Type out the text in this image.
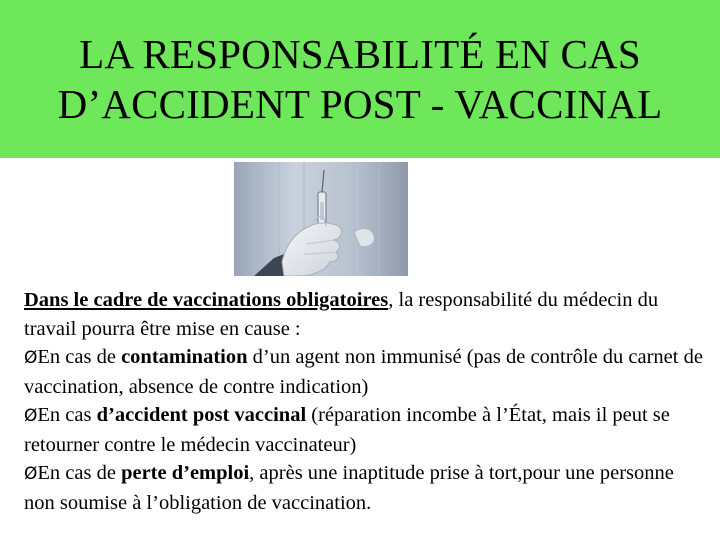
LA RESPONSABILITÉ EN CAS
D’ACCIDENT POST - VACCINAL

Dans le cadre de vaccinations obligatoires, la responsabilité du médecin du travail pourra être mise en cause :

ØEn cas de contamination d’un agent non immunisé (pas de contrôle du carnet de vaccination, absence de contre indication)

ØEn cas d’accident post vaccinal (réparation incombe à l’État, mais il peut se retourner contre le médecin vaccinateur)

ØEn cas de perte d’emploi, après une inaptitude prise à tort,pour une personne non soumise à l’obligation de vaccination.
